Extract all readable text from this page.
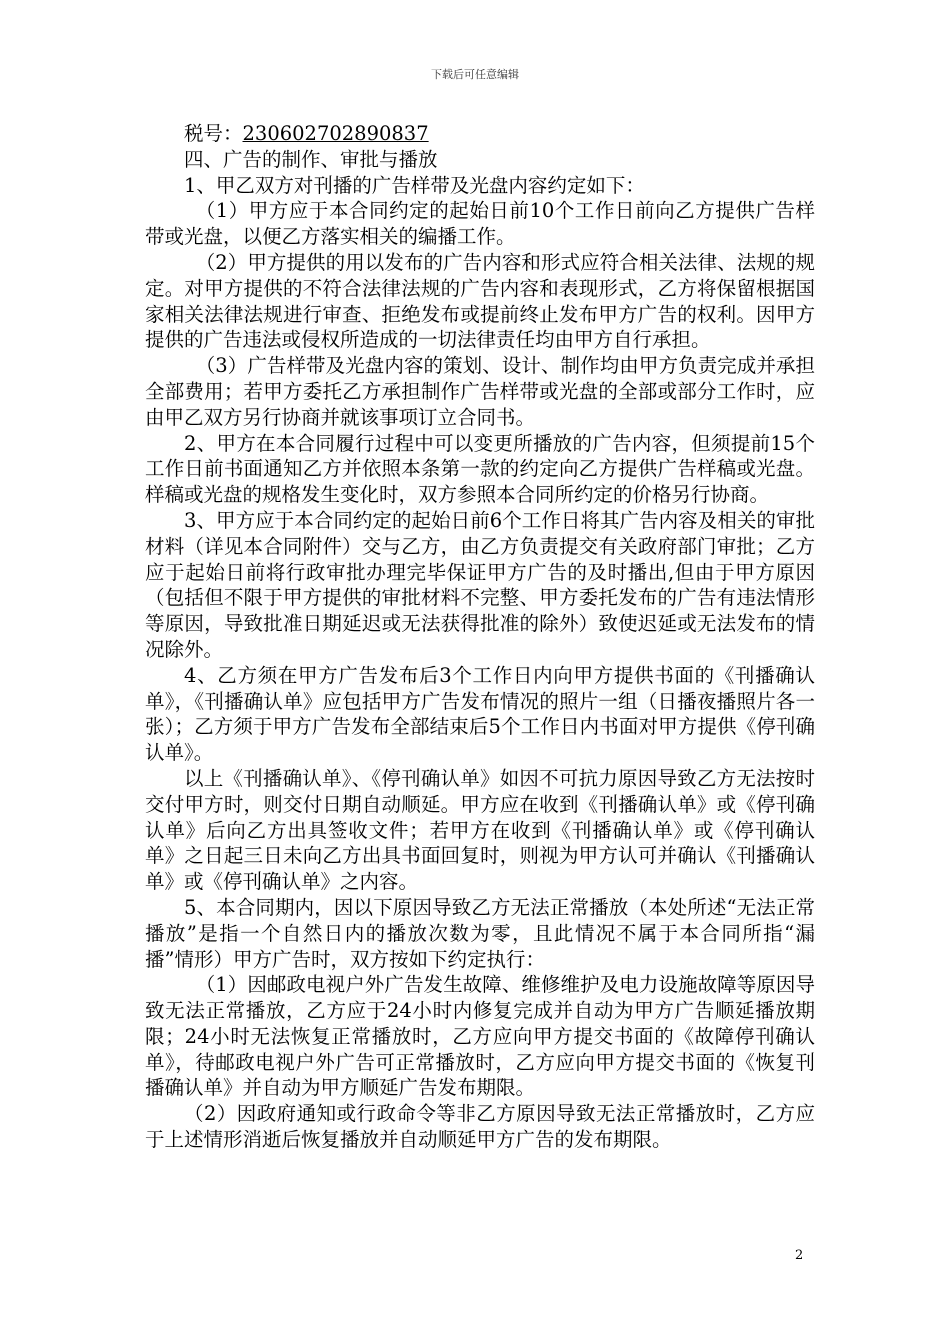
下载后可任意编辑

税号：230602702890837

四、广告的制作、审批与播放

1、甲乙双方对刊播的广告样带及光盘内容约定如下：

（1）甲方应于本合同约定的起始日前10个工作日前向乙方提供广告样带或光盘，以便乙方落实相关的编播工作。

（2）甲方提供的用以发布的广告内容和形式应符合相关法律、法规的规定。对甲方提供的不符合法律法规的广告内容和表现形式，乙方将保留根据国家相关法律法规进行审查、拒绝发布或提前终止发布甲方广告的权利。因甲方提供的广告违法或侵权所造成的一切法律责任均由甲方自行承担。

（3）广告样带及光盘内容的策划、设计、制作均由甲方负责完成并承担全部费用；若甲方委托乙方承担制作广告样带或光盘的全部或部分工作时，应由甲乙双方另行协商并就该事项订立合同书。

2、甲方在本合同履行过程中可以变更所播放的广告内容，但须提前15个工作日前书面通知乙方并依照本条第一款的约定向乙方提供广告样稿或光盘。样稿或光盘的规格发生变化时，双方参照本合同所约定的价格另行协商。

3、甲方应于本合同约定的起始日前6个工作日将其广告内容及相关的审批材料（详见本合同附件）交与乙方，由乙方负责提交有关政府部门审批；乙方应于起始日前将行政审批办理完毕保证甲方广告的及时播出,但由于甲方原因（包括但不限于甲方提供的审批材料不完整、甲方委托发布的广告有违法情形等原因，导致批准日期延迟或无法获得批准的除外）致使迟延或无法发布的情况除外。

4、乙方须在甲方广告发布后3个工作日内向甲方提供书面的《刊播确认单》，《刊播确认单》应包括甲方广告发布情况的照片一组（日播夜播照片各一张）；乙方须于甲方广告发布全部结束后5个工作日内书面对甲方提供《停刊确认单》。

以上《刊播确认单》、《停刊确认单》如因不可抗力原因导致乙方无法按时交付甲方时，则交付日期自动顺延。甲方应在收到《刊播确认单》或《停刊确认单》后向乙方出具签收文件；若甲方在收到《刊播确认单》或《停刊确认单》之日起三日未向乙方出具书面回复时，则视为甲方认可并确认《刊播确认单》或《停刊确认单》之内容。

5、本合同期内，因以下原因导致乙方无法正常播放（本处所述“无法正常播放”是指一个自然日内的播放次数为零，且此情况不属于本合同所指“漏播”情形）甲方广告时，双方按如下约定执行：

（1）因邮政电视户外广告发生故障、维修维护及电力设施故障等原因导致无法正常播放，乙方应于24小时内修复完成并自动为甲方广告顺延播放期限；24小时无法恢复正常播放时，乙方应向甲方提交书面的《故障停刊确认单》，待邮政电视户外广告可正常播放时，乙方应向甲方提交书面的《恢复刊播确认单》并自动为甲方顺延广告发布期限。

（2）因政府通知或行政命令等非乙方原因导致无法正常播放时，乙方应于上述情形消逝后恢复播放并自动顺延甲方广告的发布期限。

2
